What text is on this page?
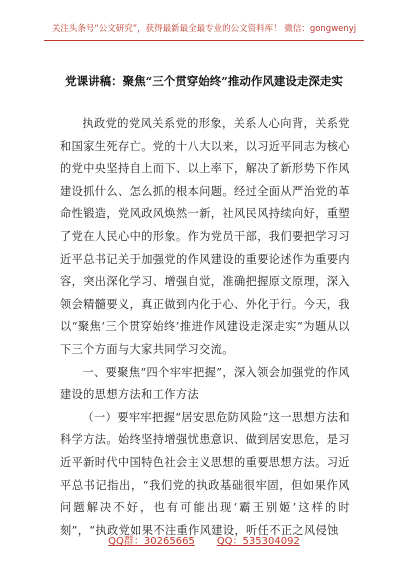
关注头条号“公文研究”，获得最新最全最专业的公文资料库！ 微信：gongwenyj
党课讲稿：聚焦“三个贯穿始终”推动作风建设走深走实

执政党的党风关系党的形象，关系人心向背，关系党和国家生死存亡。党的十八大以来，以习近平同志为核心的党中央坚持自上而下、以上率下，解决了新形势下作风建设抓什么、怎么抓的根本问题。经过全面从严治党的革命性锻造，党风政风焕然一新，社风民风持续向好，重塑了党在人民心中的形象。作为党员干部，我们要把学习习近平总书记关于加强党的作风建设的重要论述作为重要内容，突出深化学习、增强自觉，准确把握原文原理，深入领会精髓要义，真正做到内化于心、外化于行。今天，我以“聚焦‘三个贯穿始终’推进作风建设走深走实”为题从以下三个方面与大家共同学习交流。

一、要聚焦“四个牢牢把握”，深入领会加强党的作风建设的思想方法和工作方法

（一）要牢牢把握“居安思危防风险”这一思想方法和科学方法。始终坚持增强忧患意识、做到居安思危，是习近平新时代中国特色社会主义思想的重要思想方法。习近平总书记指出，“我们党的执政基础很牢固，但如果作风问题解决不好，也有可能出现‘霸王别姬’这样的时刻”，“执政党如果不注重作风建设，听任不正之风侵蚀

QQ群：30265665 QQ：535304092
